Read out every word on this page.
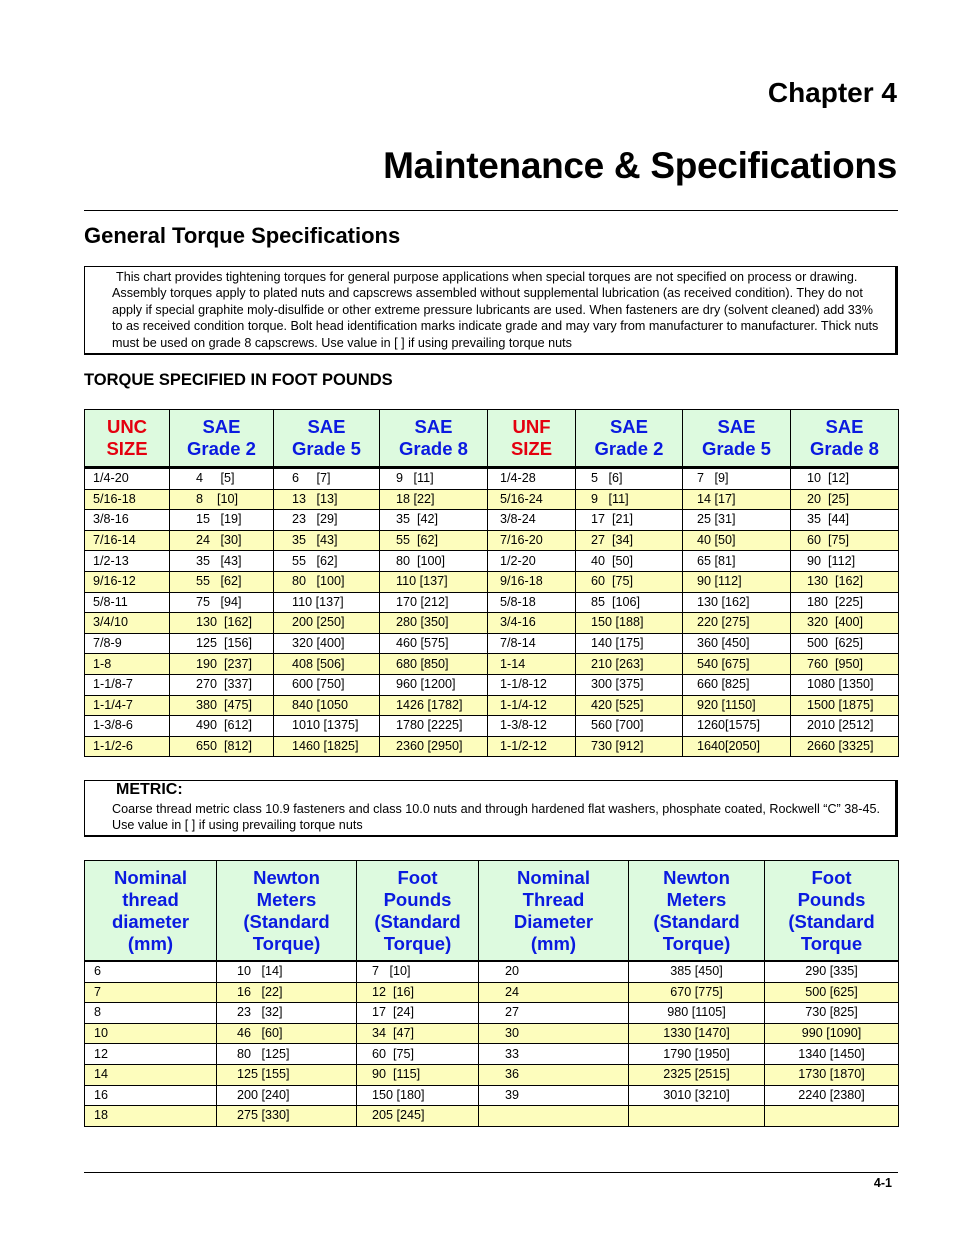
Chapter 4
Maintenance & Specifications
General Torque Specifications

This chart provides tightening torques for general purpose applications when special torques are not specified on process or drawing. Assembly torques apply to plated nuts and capscrews assembled without supplemental lubrication (as received condition). They do not apply if special graphite moly-disulfide or other extreme pressure lubricants are used. When fasteners are dry (solvent cleaned) add 33% to as received condition torque. Bolt head identification marks indicate grade and may vary from manufacturer to manufacturer. Thick nuts must be used on grade 8 capscrews. Use value in [ ] if using prevailing torque nuts

TORQUE SPECIFIED IN FOOT POUNDS
UNC
SIZE	SAE
Grade 2	SAE
Grade 5	SAE
Grade 8	UNF
SIZE	SAE
Grade 2	SAE
Grade 5	SAE
Grade 8

1/4-20	4     [5]	6     [7]	9   [11]	1/4-28	5   [6]	7   [9]	10  [12]
5/16-18	8    [10]	13   [13]	18 [22]	5/16-24	9   [11]	14 [17]	20  [25]
3/8-16	15   [19]	23   [29]	35  [42]	3/8-24	17  [21]	25 [31]	35  [44]
7/16-14	24   [30]	35   [43]	55  [62]	7/16-20	27  [34]	40 [50]	60  [75]
1/2-13	35   [43]	55   [62]	80  [100]	1/2-20	40  [50]	65 [81]	90  [112]
9/16-12	55   [62]	80   [100]	110 [137]	9/16-18	60  [75]	90 [112]	130  [162]
5/8-11	75   [94]	110 [137]	170 [212]	5/8-18	85  [106]	130 [162]	180  [225]
3/4/10	130  [162]	200 [250]	280 [350]	3/4-16	150 [188]	220 [275]	320  [400]
7/8-9	125  [156]	320 [400]	460 [575]	7/8-14	140 [175]	360 [450]	500  [625]
1-8	190  [237]	408 [506]	680 [850]	1-14	210 [263]	540 [675]	760  [950]
1-1/8-7	270  [337]	600 [750]	960 [1200]	1-1/8-12	300 [375]	660 [825]	1080 [1350]
1-1/4-7	380  [475]	840 [1050	1426 [1782]	1-1/4-12	420 [525]	920 [1150]	1500 [1875]
1-3/8-6	490  [612]	1010 [1375]	1780 [2225]	1-3/8-12	560 [700]	1260[1575]	2010 [2512]
1-1/2-6	650  [812]	1460 [1825]	2360 [2950]	1-1/2-12	730 [912]	1640[2050]	2660 [3325]

METRIC:

Coarse thread metric class 10.9 fasteners and class 10.0 nuts and through hardened flat washers, phosphate coated, Rockwell “C” 38-45. Use value in [ ] if using prevailing torque nuts

Nominal
thread
diameter
(mm)	Newton
Meters
(Standard
Torque)	Foot
Pounds
(Standard
Torque)	Nominal
Thread
Diameter
(mm)	Newton
Meters
(Standard
Torque)	Foot
Pounds
(Standard
Torque

6	10   [14]	7   [10]	20	385 [450]	290 [335]
7	16   [22]	12  [16]	24	670 [775]	500 [625]
8	23   [32]	17  [24]	27	980 [1105]	730 [825]
10	46   [60]	34  [47]	30	1330 [1470]	990 [1090]
12	80   [125]	60  [75]	33	1790 [1950]	1340 [1450]
14	125 [155]	90  [115]	36	2325 [2515]	1730 [1870]
16	200 [240]	150 [180]	39	3010 [3210]	2240 [2380]
18	275 [330]	205 [245]			

4-1
